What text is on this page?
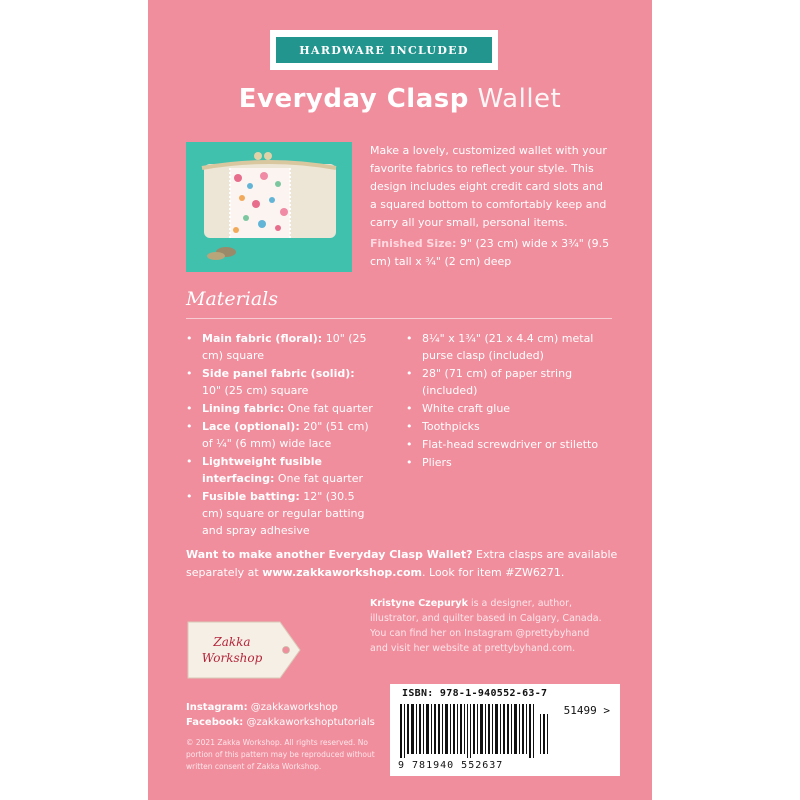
HARDWARE INCLUDED
Everyday Clasp Wallet
Make a lovely, customized wallet with your favorite fabrics to reflect your style. This design includes eight credit card slots and a squared bottom to comfortably keep and carry all your small, personal items.
Finished Size: 9" (23 cm) wide x 3¾" (9.5 cm) tall x ¾" (2 cm) deep
Materials
• Main fabric (floral): 10" (25 cm) square
• Side panel fabric (solid): 10" (25 cm) square
• Lining fabric: One fat quarter
• Lace (optional): 20" (51 cm) of ¼" (6 mm) wide lace
• Lightweight fusible interfacing: One fat quarter
• Fusible batting: 12" (30.5 cm) square or regular batting and spray adhesive
• 8¼" x 1¾" (21 x 4.4 cm) metal purse clasp (included)
• 28" (71 cm) of paper string (included)
• White craft glue
• Toothpicks
• Flat-head screwdriver or stiletto
• Pliers
Want to make another Everyday Clasp Wallet? Extra clasps are available separately at www.zakkaworkshop.com. Look for item #ZW6271.
Kristyne Czepuryk is a designer, author, illustrator, and quilter based in Calgary, Canada. You can find her on Instagram @prettybyhand and visit her website at prettybyhand.com.
Zakka
Workshop
Instagram: @zakkaworkshop
Facebook: @zakkaworkshoptutorials
© 2021 Zakka Workshop. All rights reserved. No portion of this pattern may be reproduced without written consent of Zakka Workshop.
ISBN: 978-1-940552-63-7
51499 >
9 781940 552637
